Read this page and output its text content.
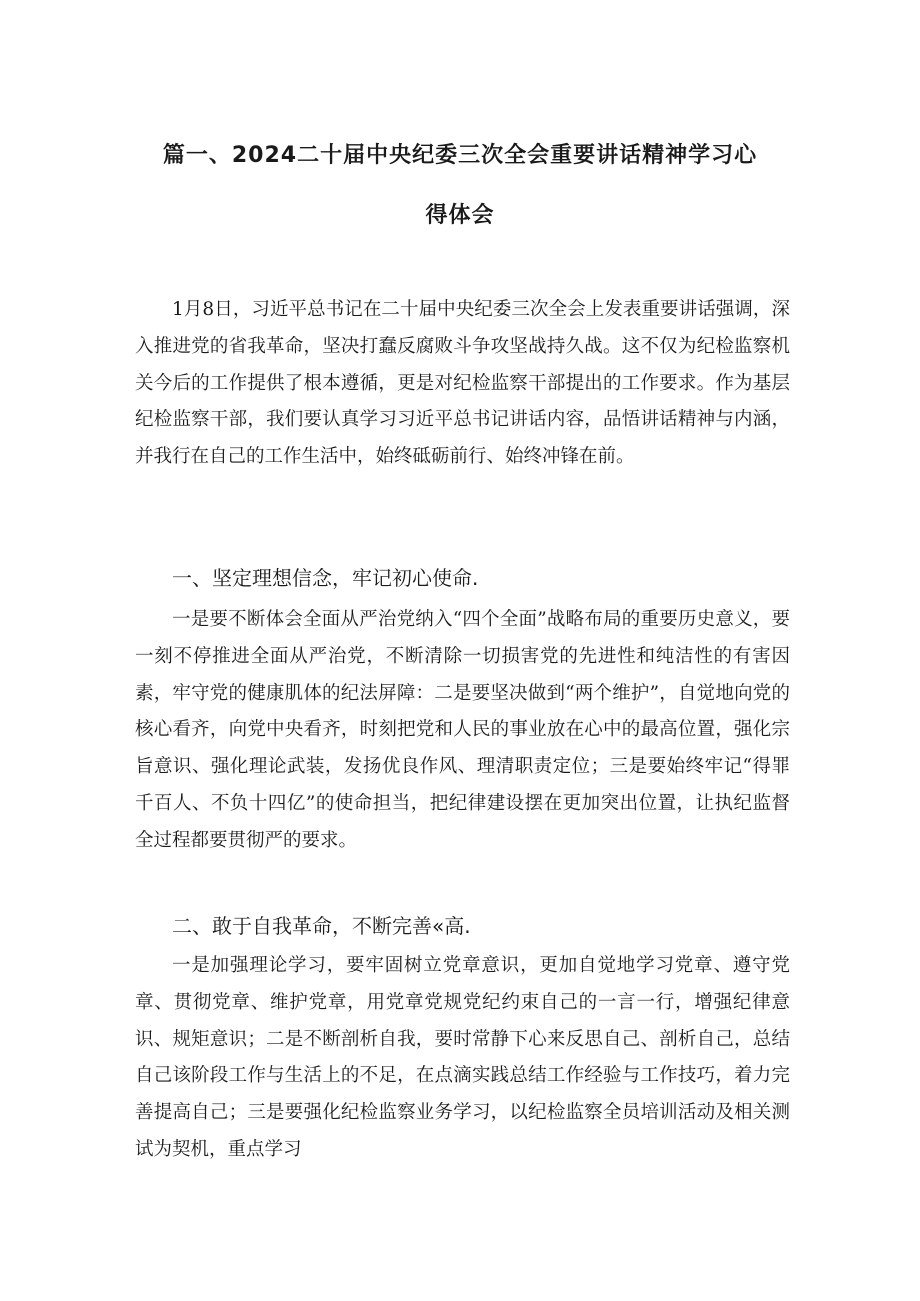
篇一、2024二十届中央纪委三次全会重要讲话精神学习心
得体会

1月8日，习近平总书记在二十届中央纪委三次全会上发表重要讲话强调，深入推进党的省我革命，坚决打蠢反腐败斗争攻坚战持久战。这不仅为纪检监察机关今后的工作提供了根本遵循，更是对纪检监察干部提出的工作要求。作为基层纪检监察干部，我们要认真学习习近平总书记讲话内容，品悟讲话精神与内涵，并我行在自己的工作生活中，始终砥砺前行、始终冲锋在前。

一、坚定理想信念，牢记初心使命.

一是要不断体会全面从严治党纳入“四个全面”战略布局的重要历史意义，要一刻不停推进全面从严治党，不断清除一切损害党的先进性和纯洁性的有害因素，牢守党的健康肌体的纪法屏障：二是要坚决做到“两个维护”，自觉地向党的核心看齐，向党中央看齐，时刻把党和人民的事业放在心中的最高位置，强化宗旨意识、强化理论武装，发扬优良作风、理清职责定位；三是要始终牢记“得罪千百人、不负十四亿”的使命担当，把纪律建设摆在更加突出位置，让执纪监督全过程都要贯彻严的要求。

二、敢于自我革命，不断完善«高.

一是加强理论学习，要牢固树立党章意识，更加自觉地学习党章、遵守党章、贯彻党章、维护党章，用党章党规党纪约束自己的一言一行，增强纪律意识、规矩意识；二是不断剖析自我，要时常静下心来反思自己、剖析自己，总结自己该阶段工作与生活上的不足，在点滴实践总结工作经验与工作技巧，着力完善提高自己；三是要强化纪检监察业务学习，以纪检监察全员培训活动及相关测试为契机，重点学习
